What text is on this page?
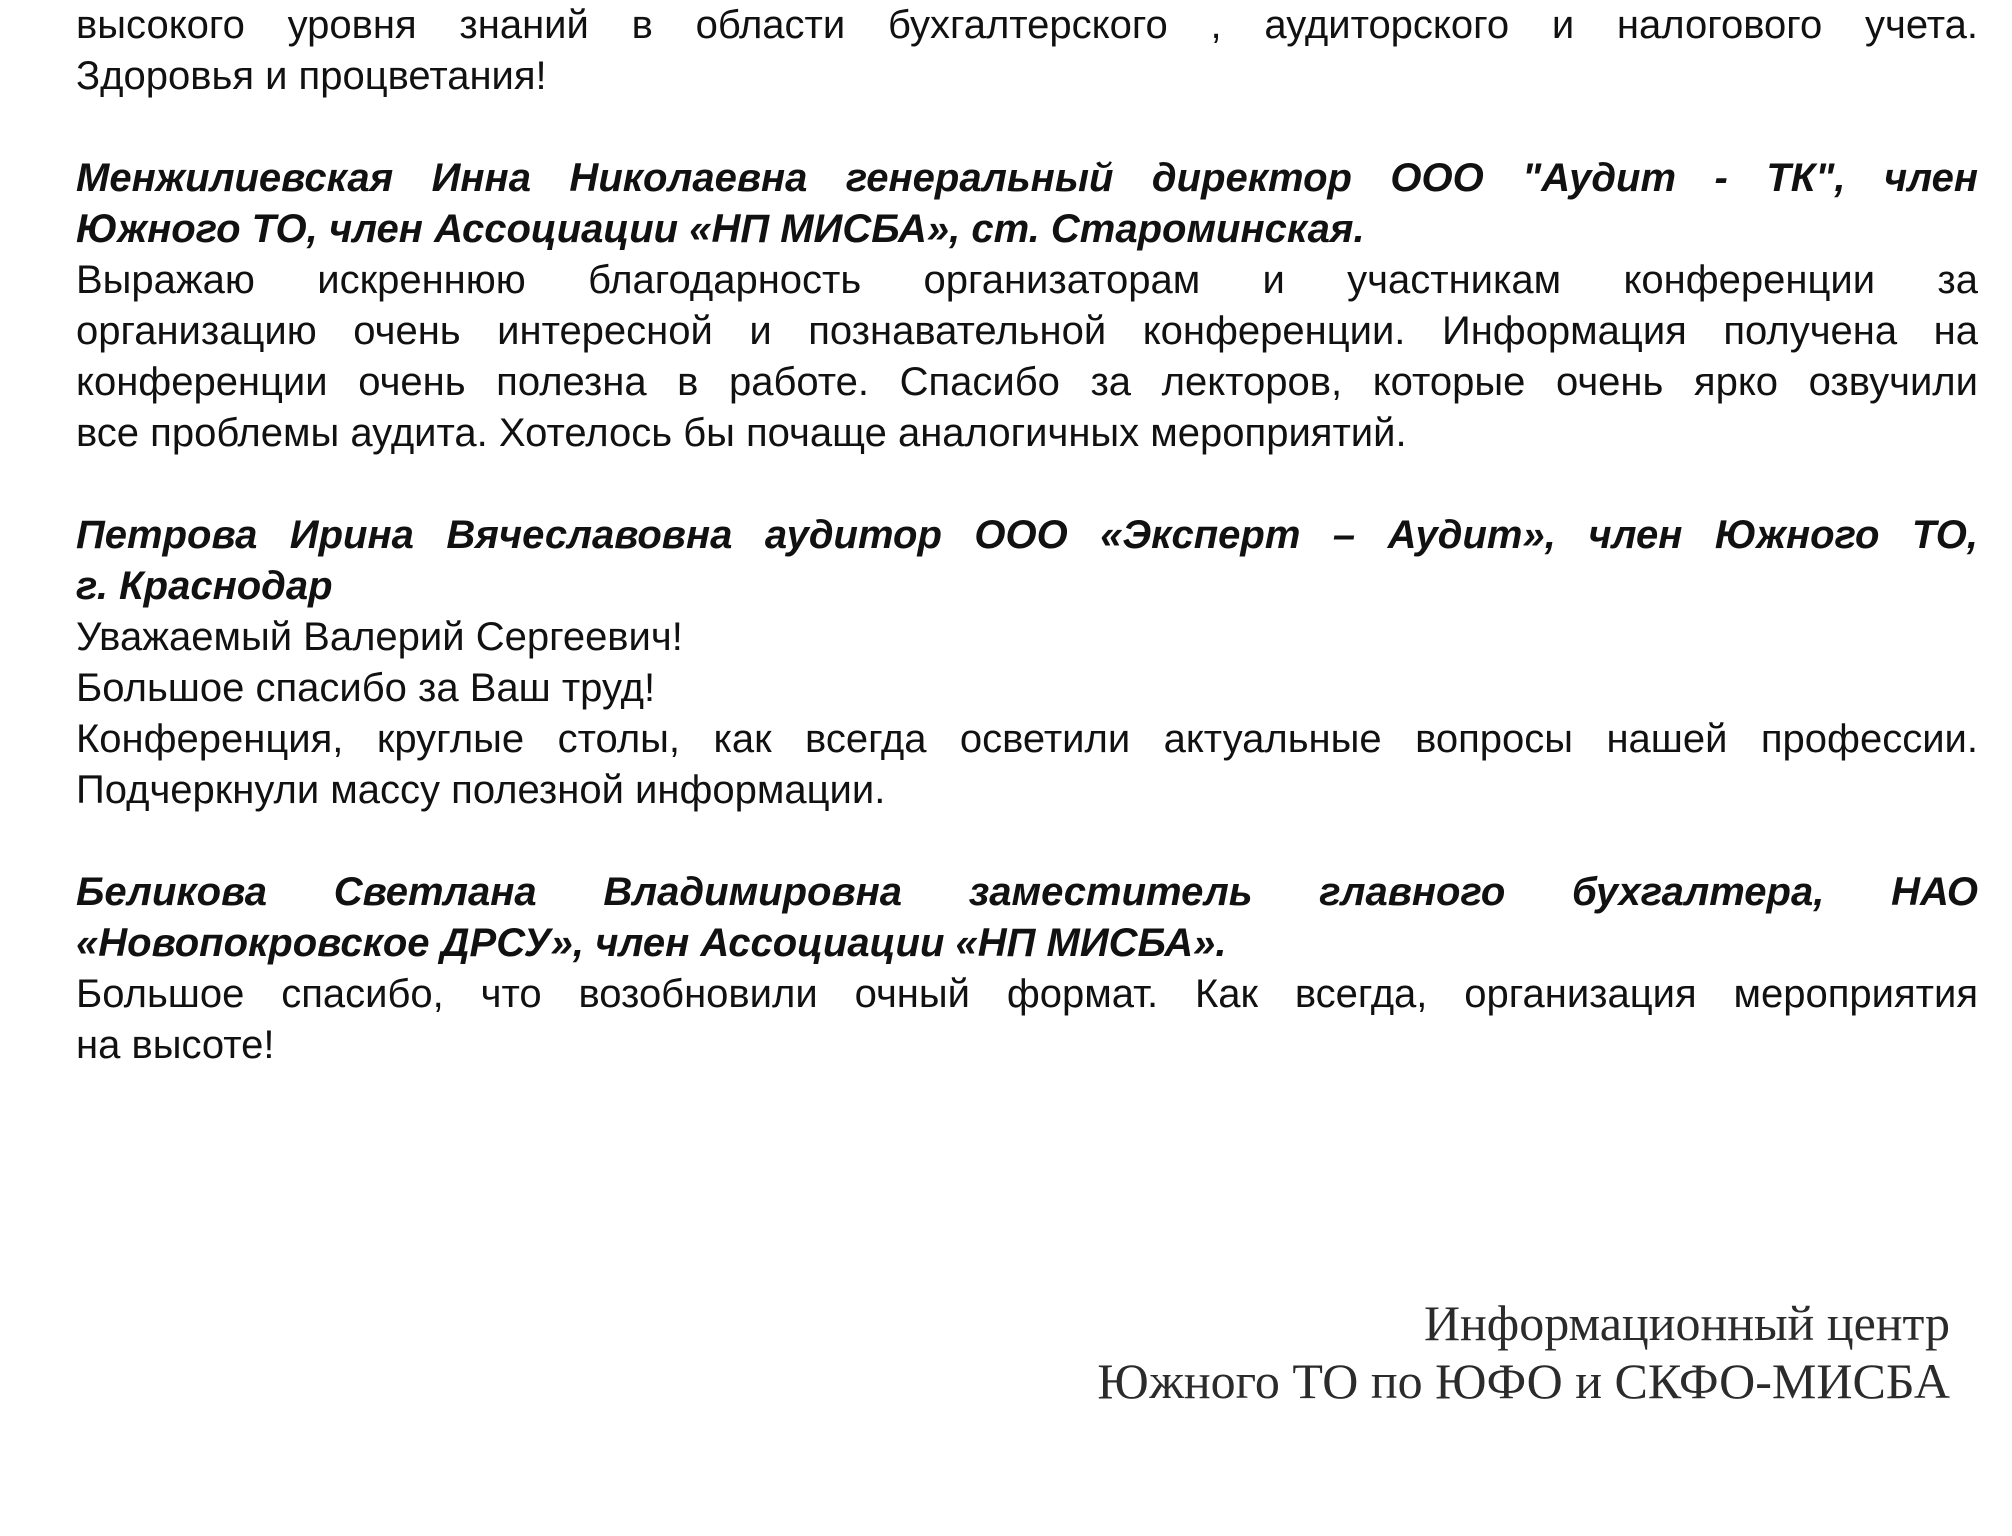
высокого уровня знаний в области бухгалтерского , аудиторского и налогового учета.
Здоровья и процветания!
Менжилиевская Инна Николаевна генеральный директор ООО "Аудит - ТК", член
Южного ТО, член Ассоциации «НП МИСБА», ст. Староминская.
Выражаю искреннюю благодарность организаторам и участникам конференции за
организацию очень интересной и познавательной конференции. Информация получена на
конференции очень полезна в работе. Спасибо за лекторов, которые очень ярко озвучили
все проблемы аудита. Хотелось бы почаще аналогичных мероприятий.
Петрова Ирина Вячеславовна аудитор ООО «Эксперт – Аудит», член Южного ТО,
г. Краснодар
Уважаемый Валерий Сергеевич!
Большое спасибо за Ваш труд!
Конференция, круглые столы, как всегда осветили актуальные вопросы нашей профессии.
Подчеркнули массу полезной информации.
Беликова Светлана Владимировна заместитель главного бухгалтера, НАО
«Новопокровское ДРСУ», член Ассоциации «НП МИСБА».
Большое спасибо, что возобновили очный формат. Как всегда, организация мероприятия
на высоте!
Информационный центр
Южного ТО по ЮФО и СКФО-МИСБА
